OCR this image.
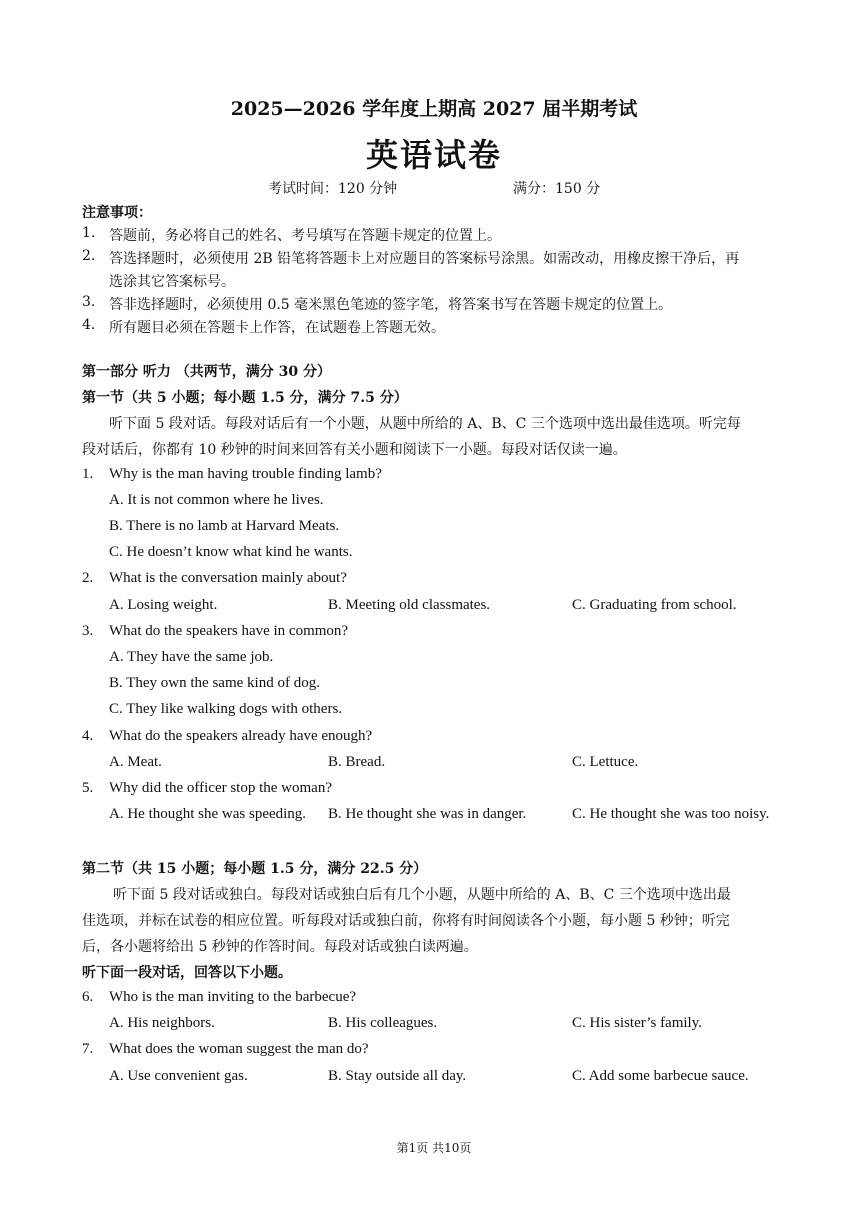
2025—2026 学年度上期高 2027 届半期考试
英语试卷
考试时间：120 分钟	满分：150 分
注意事项：
1. 答题前，务必将自己的姓名、考号填写在答题卡规定的位置上。
2. 答选择题时，必须使用 2B 铅笔将答题卡上对应题目的答案标号涂黑。如需改动，用橡皮擦干净后，再
选涂其它答案标号。
3. 答非选择题时，必须使用 0.5 毫米黑色笔迹的签字笔，将答案书写在答题卡规定的位置上。
4. 所有题目必须在答题卡上作答，在试题卷上答题无效。
第一部分 听力 （共两节，满分 30 分）
第一节（共 5 小题；每小题 1.5 分，满分 7.5 分）
听下面 5 段对话。每段对话后有一个小题，从题中所给的 A、B、C 三个选项中选出最佳选项。听完每
段对话后，你都有 10 秒钟的时间来回答有关小题和阅读下一小题。每段对话仅读一遍。
1. Why is the man having trouble finding lamb?
A. It is not common where he lives.
B. There is no lamb at Harvard Meats.
C. He doesn’t know what kind he wants.
2. What is the conversation mainly about?
A. Losing weight.	B. Meeting old classmates.	C. Graduating from school.
3. What do the speakers have in common?
A. They have the same job.
B. They own the same kind of dog.
C. They like walking dogs with others.
4. What do the speakers already have enough?
A. Meat.	B. Bread.	C. Lettuce.
5. Why did the officer stop the woman?
A. He thought she was speeding. B. He thought she was in danger.	C. He thought she was too noisy.
第二节（共 15 小题；每小题 1.5 分，满分 22.5 分）
听下面 5 段对话或独白。每段对话或独白后有几个小题，从题中所给的 A、B、C 三个选项中选出最
佳选项，并标在试卷的相应位置。听每段对话或独白前，你将有时间阅读各个小题，每小题 5 秒钟；听完
后，各小题将给出 5 秒钟的作答时间。每段对话或独白读两遍。
听下面一段对话，回答以下小题。
6. Who is the man inviting to the barbecue?
A. His neighbors.	B. His colleagues.	C. His sister’s family.
7. What does the woman suggest the man do?
A. Use convenient gas.	B. Stay outside all day.	C. Add some barbecue sauce.
第1页 共10页
